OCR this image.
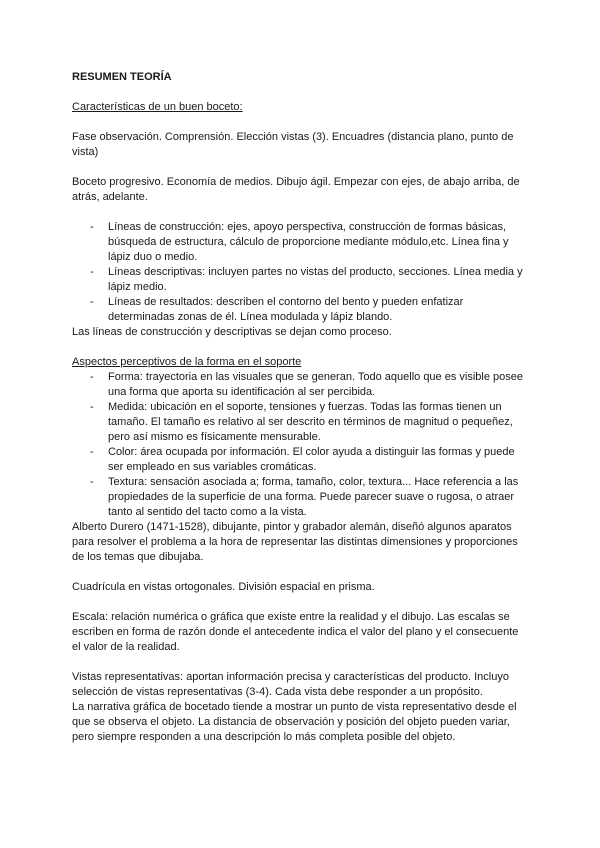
RESUMEN TEORÍA

Características de un buen boceto:

Fase observación. Comprensión. Elección vistas (3). Encuadres (distancia plano, punto de vista)

Boceto progresivo. Economía de medios. Dibujo ágil. Empezar con ejes, de abajo arriba, de atrás, adelante.

- Líneas de construcción: ejes, apoyo perspectiva, construcción de formas básicas, búsqueda de estructura, cálculo de proporcione mediante módulo,etc. Línea fina y lápiz duo o medio.
- Líneas descriptivas: incluyen partes no vistas del producto, secciones. Línea media y lápiz medio.
- Líneas de resultados: describen el contorno del bento y pueden enfatizar determinadas zonas de él. Línea modulada y lápiz blando.

Las líneas de construcción y descriptivas se dejan como proceso.

Aspectos perceptivos de la forma en el soporte

- Forma: trayectoria en las visuales que se generan. Todo aquello que es visible posee una forma que aporta su identificación al ser percibida.
- Medida: ubicación en el soporte, tensiones y fuerzas. Todas las formas tienen un tamaño. El tamaño es relativo al ser descrito en términos de magnitud o pequeñez, pero así mismo es físicamente mensurable.
- Color: área ocupada por información. El color ayuda a distinguir las formas y puede ser empleado en sus variables cromáticas.
- Textura: sensación asociada a; forma, tamaño, color, textura... Hace referencia a las propiedades de la superficie de una forma. Puede parecer suave o rugosa, o atraer tanto al sentido del tacto como a la vista.

Alberto Durero (1471-1528), dibujante, pintor y grabador alemán, diseñó algunos aparatos para resolver el problema a la hora de representar las distintas dimensiones y proporciones de los temas que dibujaba.

Cuadrícula en vistas ortogonales. División espacial en prisma.

Escala: relación numérica o gráfica que existe entre la realidad y el dibujo. Las escalas se escriben en forma de razón donde el antecedente indica el valor del plano y el consecuente el valor de la realidad.

Vistas representativas: aportan información precisa y características del producto. Incluyo selección de vistas representativas (3-4). Cada vista debe responder a un propósito.

La narrativa gráfica de bocetado tiende a mostrar un punto de vista representativo desde el que se observa el objeto. La distancia de observación y posición del objeto pueden variar, pero siempre responden a una descripción lo más completa posible del objeto.
